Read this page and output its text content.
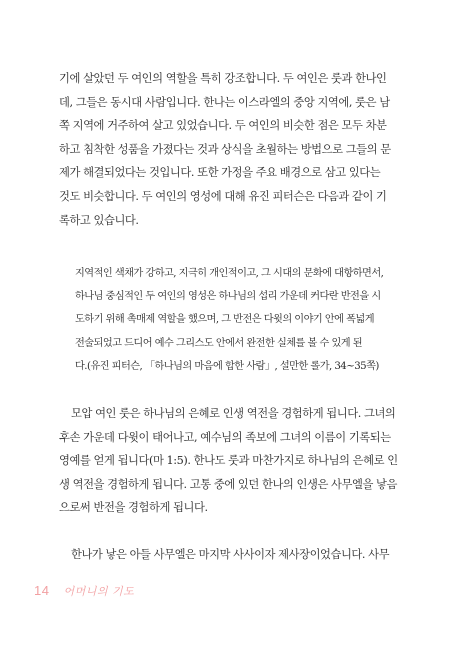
기에 살았던 두 여인의 역할을 특히 강조합니다. 두 여인은 룻과 한나인
데, 그들은 동시대 사람입니다. 한나는 이스라엘의 중앙 지역에, 룻은 남
쪽 지역에 거주하여 살고 있었습니다. 두 여인의 비슷한 점은 모두 차분
하고 침착한 성품을 가졌다는 것과 상식을 초월하는 방법으로 그들의 문
제가 해결되었다는 것입니다. 또한 가정을 주요 배경으로 삼고 있다는
것도 비슷합니다. 두 여인의 영성에 대해 유진 피터슨은 다음과 같이 기
록하고 있습니다.
지역적인 색채가 강하고, 지극히 개인적이고, 그 시대의 문화에 대항하면서,
하나님 중심적인 두 여인의 영성은 하나님의 섭리 가운데 커다란 반전을 시
도하기 위해 촉매제 역할을 했으며, 그 반전은 다윗의 이야기 안에 폭넓게
전술되었고 드디어 예수 그리스도 안에서 완전한 실체를 볼 수 있게 된
다.(유진 피터슨, 「하나님의 마음에 합한 사람」, 설만한 롤가, 34~35쪽)
모압 여인 룻은 하나님의 은혜로 인생 역전을 경험하게 됩니다. 그녀의
후손 가운데 다윗이 태어나고, 예수님의 족보에 그녀의 이름이 기록되는
영예를 얻게 됩니다(마 1:5). 한나도 룻과 마찬가지로 하나님의 은혜로 인
생 역전을 경험하게 됩니다. 고통 중에 있던 한나의 인생은 사무엘을 낳음
으로써 반전을 경험하게 됩니다.
한나가 낳은 아들 사무엘은 마지막 사사이자 제사장이었습니다. 사무
14 어머니의 기도
